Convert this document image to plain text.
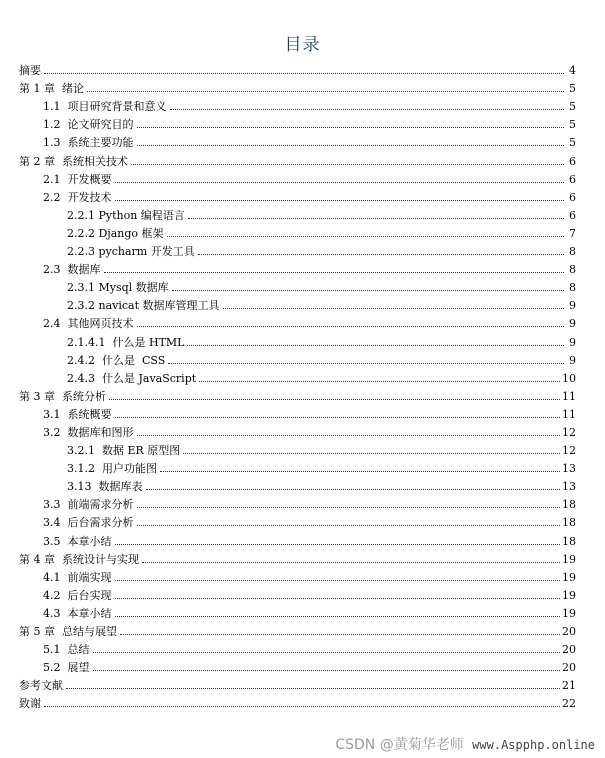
目录
摘要	4
第 1 章  绪论	5
1.1  项目研究背景和意义	5
1.2  论文研究目的	5
1.3  系统主要功能	5
第 2 章  系统相关技术	6
2.1  开发概要	6
2.2  开发技术	6
2.2.1 Python 编程语言	6
2.2.2 Django 框架	7
2.2.3 pycharm 开发工具	8
2.3  数据库	8
2.3.1 Mysql 数据库	8
2.3.2 navicat 数据库管理工具	9
2.4  其他网页技术	9
2.1.4.1  什么是 HTML	9
2.4.2  什么是  CSS	9
2.4.3  什么是 JavaScript	10
第 3 章  系统分析	11
3.1  系统概要	11
3.2  数据库和图形	12
3.2.1  数据 ER 原型图	12
3.1.2  用户功能图	13
3.13  数据库表	13
3.3  前端需求分析	18
3.4  后台需求分析	18
3.5  本章小结	18
第 4 章  系统设计与实现	19
4.1  前端实现	19
4.2  后台实现	19
4.3  本章小结	19
第 5 章  总结与展望	20
5.1  总结	20
5.2  展望	20
参考文献	21
致谢	22
CSDN @黄菊华老师 www.Aspphp.online
